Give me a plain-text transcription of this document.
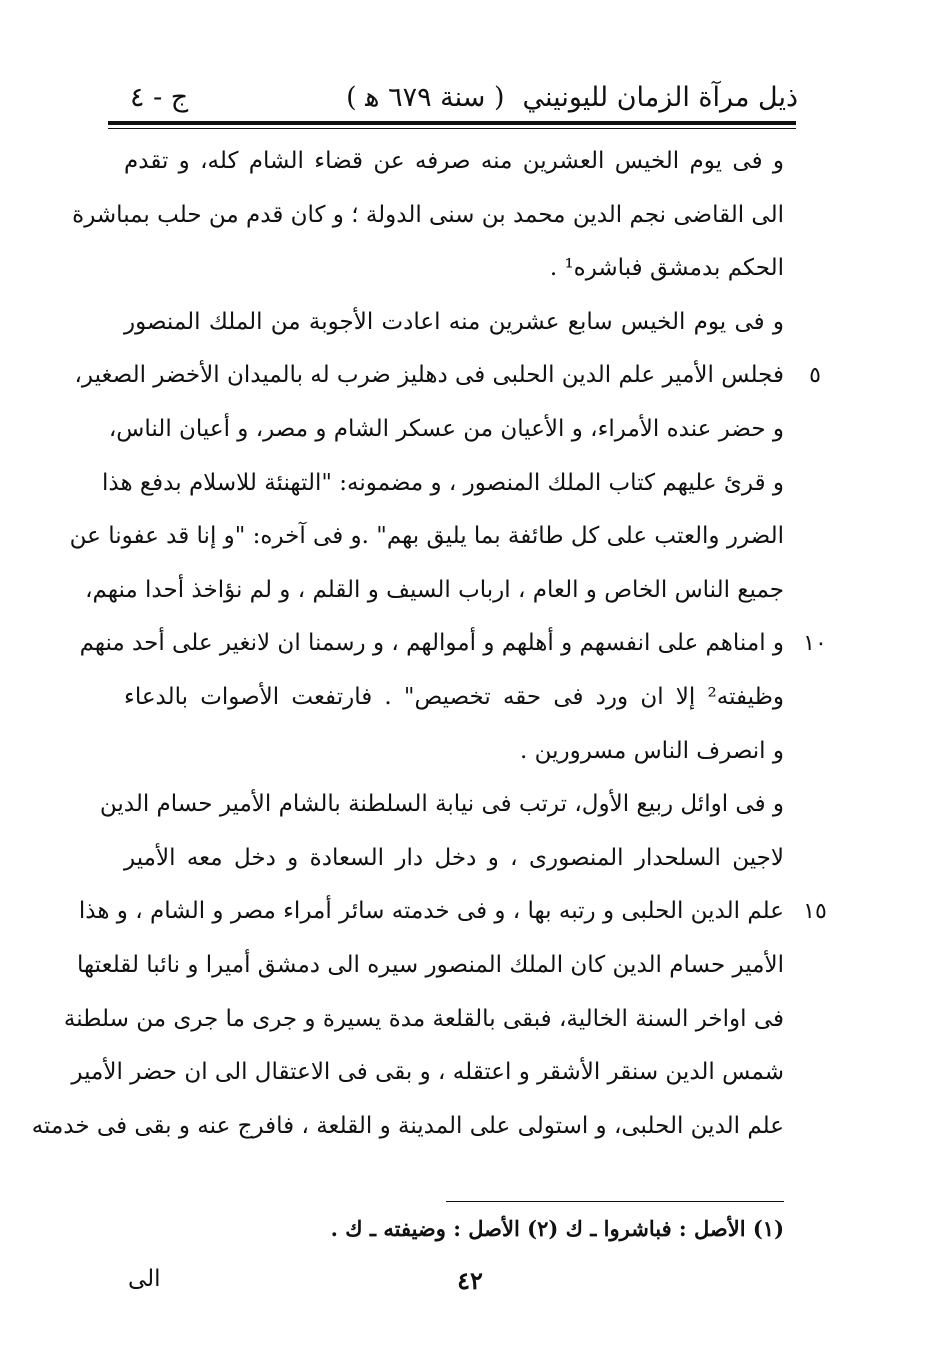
ذيل مرآة الزمان لليونيني
( سنة ٦٧٩ ﻫ )
ج - ٤
و فى يوم الخيس العشرين منه صرفه عن قضاء الشام كله، و تقدم
الى القاضى نجم الدين محمد بن سنى الدولة ؛ و كان قدم من حلب بمباشرة
الحكم بدمشق فباشره¹ .
و فى يوم الخيس سابع عشرين منه اعادت الأجوبة من الملك المنصور
فجلس الأمير علم الدين الحلبى فى دهليز ضرب له بالميدان الأخضر الصغير،
و حضر عنده الأمراء، و الأعيان من عسكر الشام و مصر، و أعيان الناس،
و قرئ عليهم كتاب الملك المنصور ، و مضمونه: "التهنئة للاسلام بدفع هذا
الضرر والعتب على كل طائفة بما يليق بهم" .و فى آخره: "و إنا قد عفونا عن
جميع الناس الخاص و العام ، ارباب السيف و القلم ، و لم نؤاخذ أحدا منهم،
و امناهم على انفسهم و أهلهم و أموالهم ، و رسمنا ان لانغير على أحد منهم
وظيفته² إلا ان ورد فى حقه تخصيص" . فارتفعت الأصوات بالدعاء
و انصرف الناس مسرورين .
و فى اوائل ربيع الأول، ترتب فى نيابة السلطنة بالشام الأمير حسام الدين
لاجين السلحدار المنصورى ، و دخل دار السعادة و دخل معه الأمير
علم الدين الحلبى و رتبه بها ، و فى خدمته سائر أمراء مصر و الشام ، و هذا
الأمير حسام الدين كان الملك المنصور سيره الى دمشق أميرا و نائبا لقلعتها
فى اواخر السنة الخالية، فبقى بالقلعة مدة يسيرة و جرى ما جرى من سلطنة
شمس الدين سنقر الأشقر و اعتقله ، و بقى فى الاعتقال الى ان حضر الأمير
علم الدين الحلبى، و استولى على المدينة و القلعة ، فافرج عنه و بقى فى خدمته
٥
١٠
١٥
(١) الأصل : فباشروا ـ ك (٢) الأصل : وضيفته ـ ك .
٤٢
الى
